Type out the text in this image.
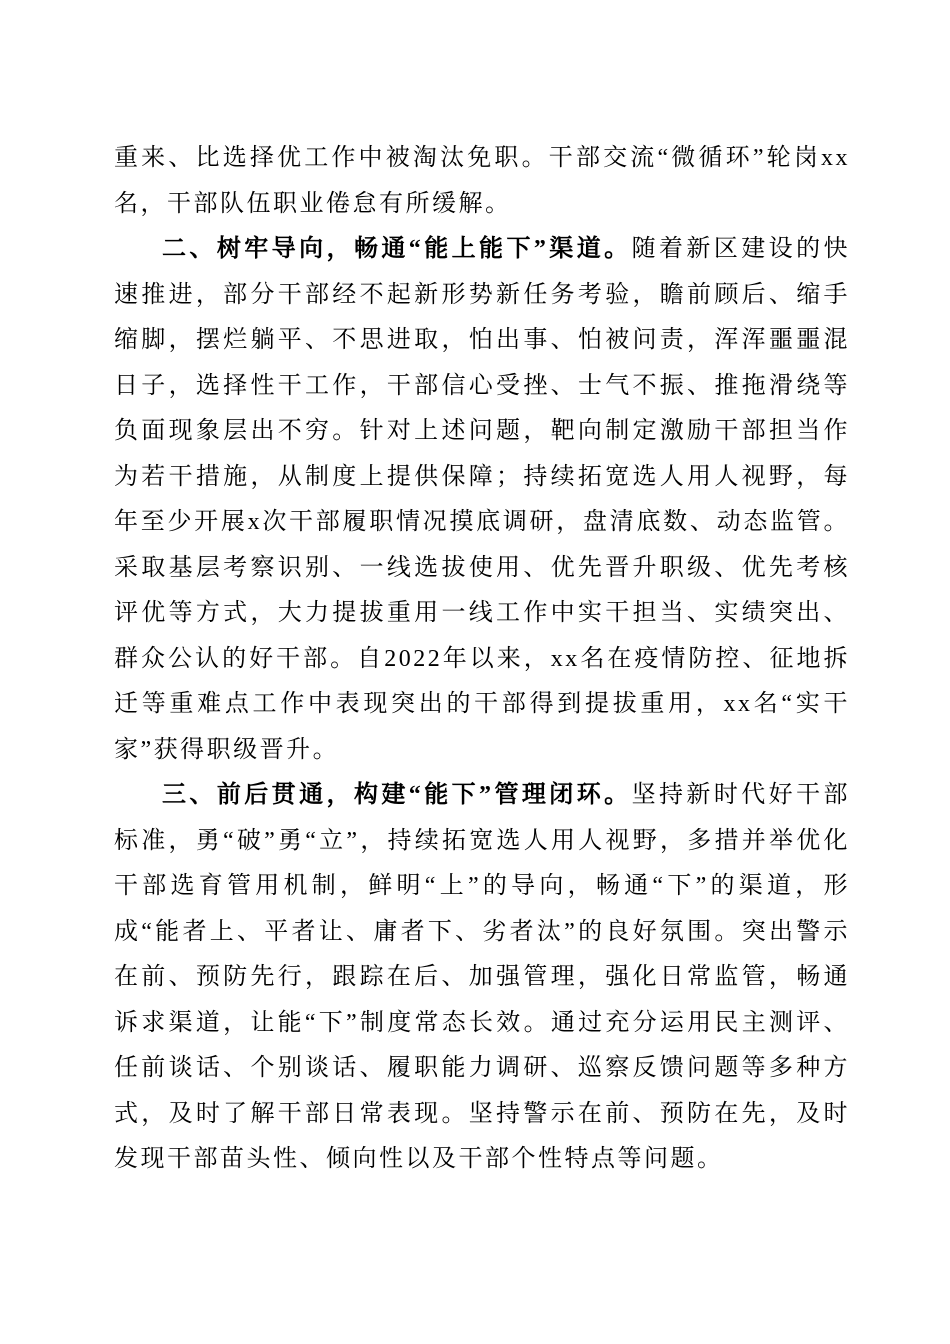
重来、比选择优工作中被淘汰免职。干部交流“微循环”轮岗xx名，干部队伍职业倦怠有所缓解。

二、树牢导向，畅通“能上能下”渠道。随着新区建设的快速推进，部分干部经不起新形势新任务考验，瞻前顾后、缩手缩脚，摆烂躺平、不思进取，怕出事、怕被问责，浑浑噩噩混日子，选择性干工作，干部信心受挫、士气不振、推拖滑绕等负面现象层出不穷。针对上述问题，靶向制定激励干部担当作为若干措施，从制度上提供保障；持续拓宽选人用人视野，每年至少开展x次干部履职情况摸底调研，盘清底数、动态监管。采取基层考察识别、一线选拔使用、优先晋升职级、优先考核评优等方式，大力提拔重用一线工作中实干担当、实绩突出、群众公认的好干部。自2022年以来，xx名在疫情防控、征地拆迁等重难点工作中表现突出的干部得到提拔重用，xx名“实干家”获得职级晋升。

三、前后贯通，构建“能下”管理闭环。坚持新时代好干部标准，勇“破”勇“立”，持续拓宽选人用人视野，多措并举优化干部选育管用机制，鲜明“上”的导向，畅通“下”的渠道，形成“能者上、平者让、庸者下、劣者汰”的良好氛围。突出警示在前、预防先行，跟踪在后、加强管理，强化日常监管，畅通诉求渠道，让能“下”制度常态长效。通过充分运用民主测评、任前谈话、个别谈话、履职能力调研、巡察反馈问题等多种方式，及时了解干部日常表现。坚持警示在前、预防在先，及时发现干部苗头性、倾向性以及干部个性特点等问题。
